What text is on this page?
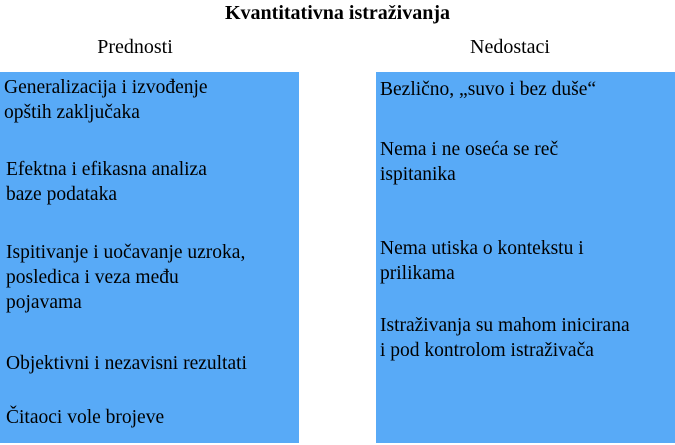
Kvantitativna istraživanja
Prednosti	Nedostaci
Generalizacija i izvođenje
opštih zaključaka
Efektna i efikasna analiza
baze podataka
Ispitivanje i uočavanje uzroka,
posledica i veza među
pojavama
Objektivni i nezavisni rezultati
Čitaoci vole brojeve
Bezlično, „suvo i bez duše“
Nema i ne oseća se reč
ispitanika
Nema utiska o kontekstu i
prilikama
Istraživanja su mahom inicirana
i pod kontrolom istraživača
